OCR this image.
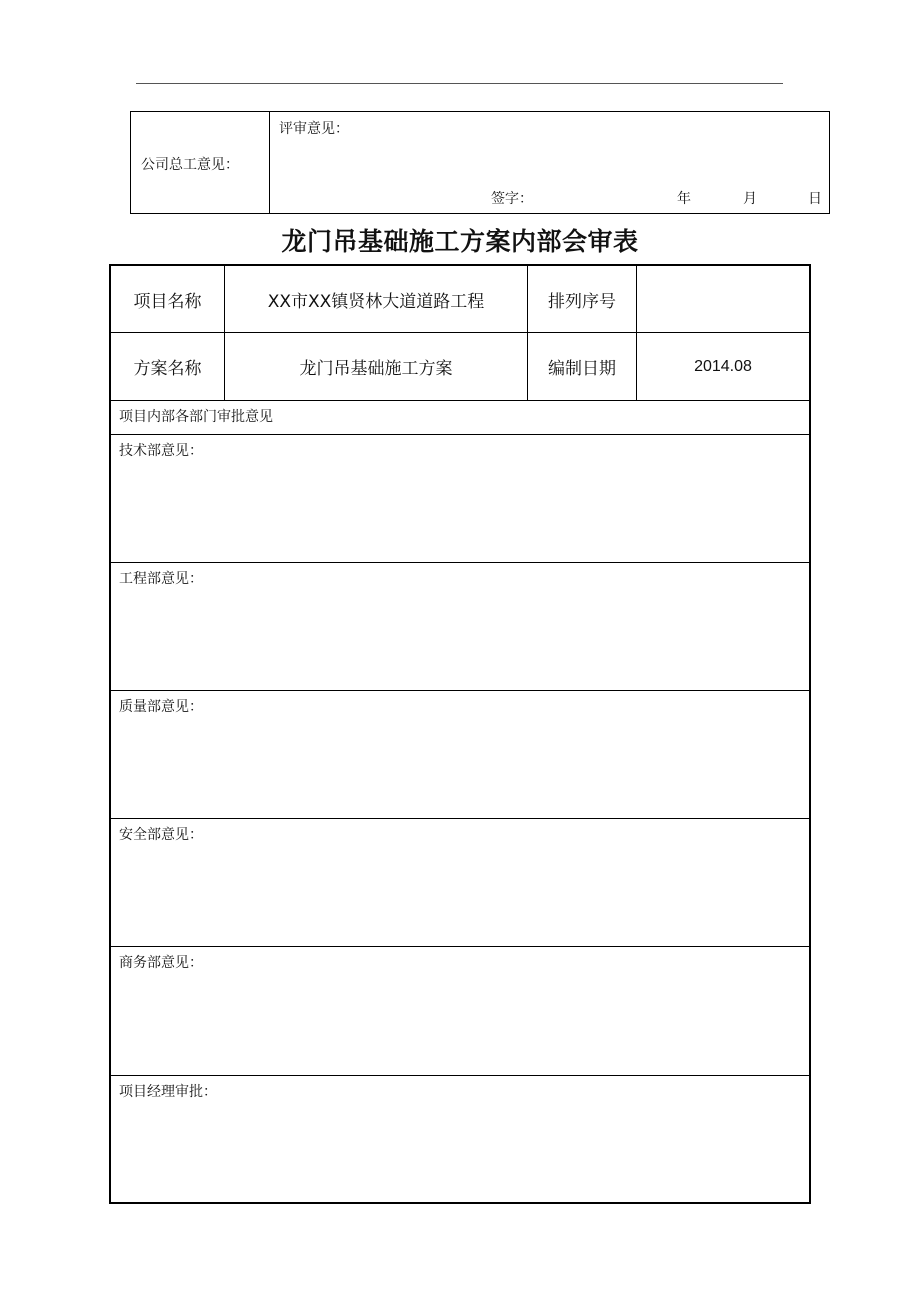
公司总工意见：
评审意见：
签字：	年	月	日
龙门吊基础施工方案内部会审表
项目名称	XX市XX镇贤林大道道路工程	排列序号
方案名称	龙门吊基础施工方案	编制日期	2014.08
项目内部各部门审批意见
技术部意见：
工程部意见：
质量部意见：
安全部意见：
商务部意见：
项目经理审批：
